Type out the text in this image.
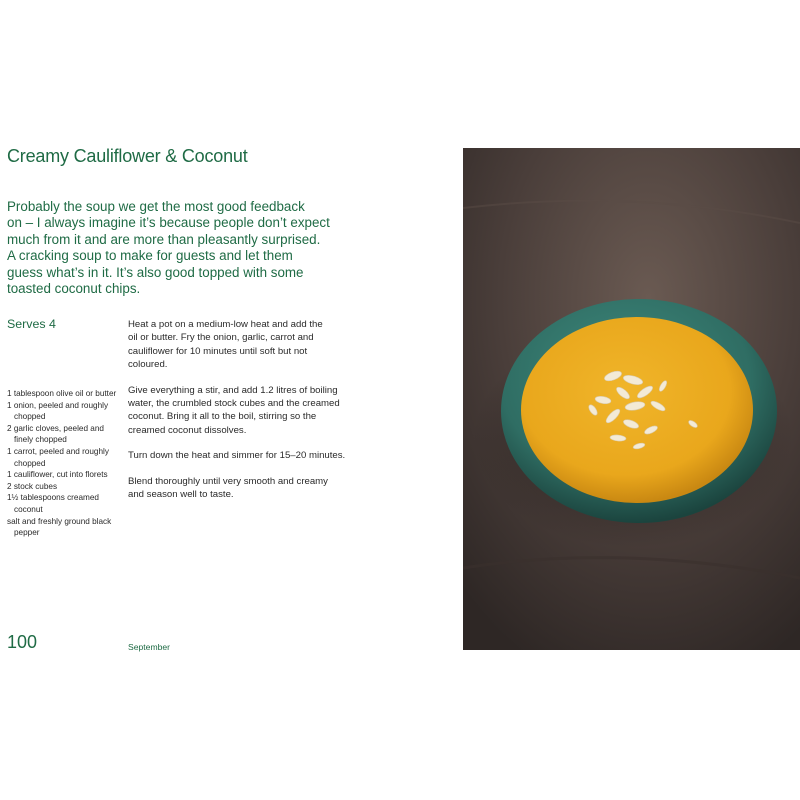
Creamy Cauliflower & Coconut

Probably the soup we get the most good feedback
on – I always imagine it’s because people don’t expect
much from it and are more than pleasantly surprised.
A cracking soup to make for guests and let them
guess what’s in it. It’s also good topped with some
toasted coconut chips.

Serves 4
1 tablespoon olive oil or butter
1 onion, peeled and roughly chopped
2 garlic cloves, peeled and finely chopped
1 carrot, peeled and roughly chopped
1 cauliflower, cut into florets
2 stock cubes
1½ tablespoons creamed coconut
salt and freshly ground black pepper

Heat a pot on a medium-low heat and add the
oil or butter. Fry the onion, garlic, carrot and
cauliflower for 10 minutes until soft but not
coloured.

Give everything a stir, and add 1.2 litres of boiling
water, the crumbled stock cubes and the creamed
coconut. Bring it all to the boil, stirring so the
creamed coconut dissolves.

Turn down the heat and simmer for 15–20 minutes.

Blend thoroughly until very smooth and creamy
and season well to taste.

100	September
